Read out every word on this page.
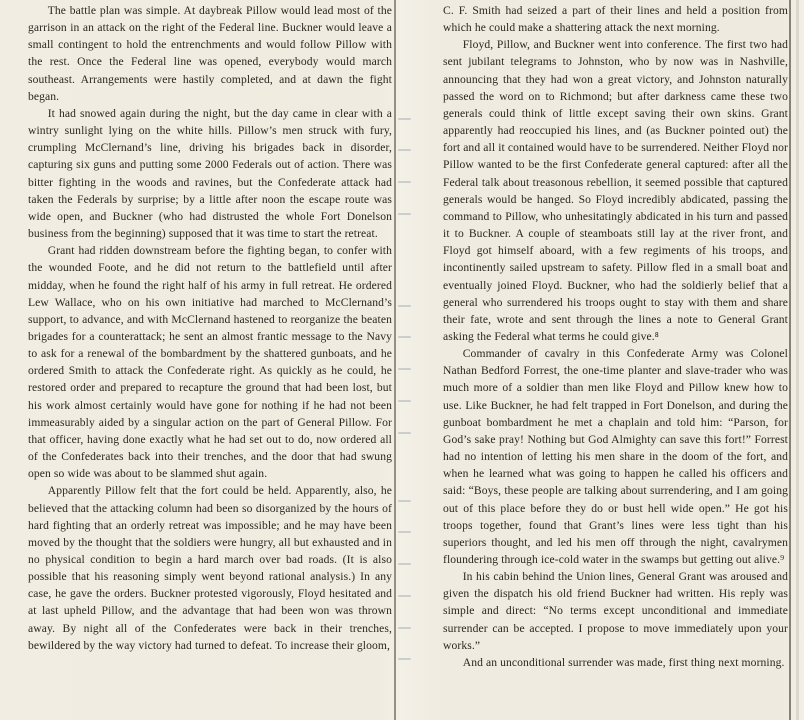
The battle plan was simple. At daybreak Pillow would lead most of the garrison in an attack on the right of the Federal line. Buckner would leave a small contingent to hold the entrenchments and would follow Pillow with the rest. Once the Federal line was opened, everybody would march southeast. Arrangements were hastily completed, and at dawn the fight began.

It had snowed again during the night, but the day came in clear with a wintry sunlight lying on the white hills. Pillow’s men struck with fury, crumpling McClernand’s line, driving his brigades back in disorder, capturing six guns and putting some 2000 Federals out of action. There was bitter fighting in the woods and ravines, but the Confederate attack had taken the Federals by surprise; by a little after noon the escape route was wide open, and Buckner (who had distrusted the whole Fort Donelson business from the beginning) supposed that it was time to start the retreat.

Grant had ridden downstream before the fighting began, to confer with the wounded Foote, and he did not return to the battlefield until after midday, when he found the right half of his army in full retreat. He ordered Lew Wallace, who on his own initiative had marched to McClernand’s support, to advance, and with McClernand hastened to reorganize the beaten brigades for a counterattack; he sent an almost frantic message to the Navy to ask for a renewal of the bombardment by the shattered gunboats, and he ordered Smith to attack the Confederate right. As quickly as he could, he restored order and prepared to recapture the ground that had been lost, but his work almost certainly would have gone for nothing if he had not been immeasurably aided by a singular action on the part of General Pillow. For that officer, having done exactly what he had set out to do, now ordered all of the Confederates back into their trenches, and the door that had swung open so wide was about to be slammed shut again.

Apparently Pillow felt that the fort could be held. Apparently, also, he believed that the attacking column had been so disorganized by the hours of hard fighting that an orderly retreat was impossible; and he may have been moved by the thought that the soldiers were hungry, all but exhausted and in no physical condition to begin a hard march over bad roads. (It is also possible that his reasoning simply went beyond rational analysis.) In any case, he gave the orders. Buckner protested vigorously, Floyd hesitated and at last upheld Pillow, and the advantage that had been won was thrown away. By night all of the Confederates were back in their trenches, bewildered by the way victory had turned to defeat. To increase their gloom,

C. F. Smith had seized a part of their lines and held a position from which he could make a shattering attack the next morning.

Floyd, Pillow, and Buckner went into conference. The first two had sent jubilant telegrams to Johnston, who by now was in Nashville, announcing that they had won a great victory, and Johnston naturally passed the word on to Richmond; but after darkness came these two generals could think of little except saving their own skins. Grant apparently had reoccupied his lines, and (as Buckner pointed out) the fort and all it contained would have to be surrendered. Neither Floyd nor Pillow wanted to be the first Confederate general captured: after all the Federal talk about treasonous rebellion, it seemed possible that captured generals would be hanged. So Floyd incredibly abdicated, passing the command to Pillow, who unhesitatingly abdicated in his turn and passed it to Buckner. A couple of steamboats still lay at the river front, and Floyd got himself aboard, with a few regiments of his troops, and incontinently sailed upstream to safety. Pillow fled in a small boat and eventually joined Floyd. Buckner, who had the soldierly belief that a general who surrendered his troops ought to stay with them and share their fate, wrote and sent through the lines a note to General Grant asking the Federal what terms he could give.⁸

Commander of cavalry in this Confederate Army was Colonel Nathan Bedford Forrest, the one-time planter and slave-trader who was much more of a soldier than men like Floyd and Pillow knew how to use. Like Buckner, he had felt trapped in Fort Donelson, and during the gunboat bombardment he met a chaplain and told him: “Parson, for God’s sake pray! Nothing but God Almighty can save this fort!” Forrest had no intention of letting his men share in the doom of the fort, and when he learned what was going to happen he called his officers and said: “Boys, these people are talking about surrendering, and I am going out of this place before they do or bust hell wide open.” He got his troops together, found that Grant’s lines were less tight than his superiors thought, and led his men off through the night, cavalrymen floundering through ice-cold water in the swamps but getting out alive.⁹

In his cabin behind the Union lines, General Grant was aroused and given the dispatch his old friend Buckner had written. His reply was simple and direct: “No terms except unconditional and immediate surrender can be accepted. I propose to move immediately upon your works.”

And an unconditional surrender was made, first thing next morning.
